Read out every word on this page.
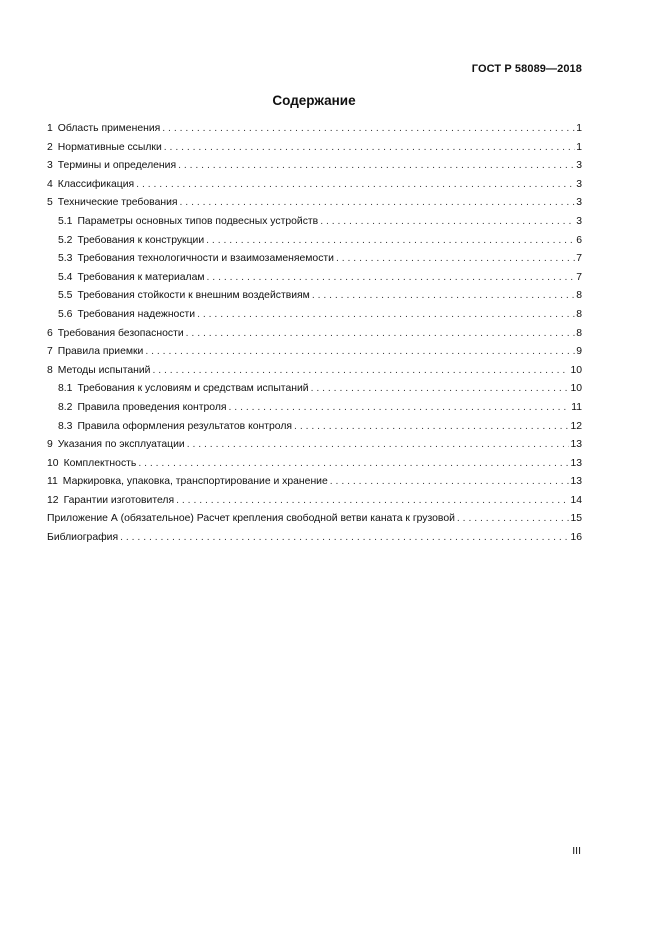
ГОСТ Р 58089—2018
Содержание
1 Область применения . . .	1
2 Нормативные ссылки . . .	1
3 Термины и определения . . .	3
4 Классификация . . .	3
5 Технические требования . . .	3
5.1 Параметры основных типов подвесных устройств . . .	3
5.2 Требования к конструкции . . .	6
5.3 Требования технологичности и взаимозаменяемости . . .	7
5.4 Требования к материалам . . .	7
5.5 Требования стойкости к внешним воздействиям . . .	8
5.6 Требования надежности . . .	8
6 Требования безопасности . . .	8
7 Правила приемки . . .	9
8 Методы испытаний . . .	10
8.1 Требования к условиям и средствам испытаний . . .	10
8.2 Правила проведения контроля . . .	11
8.3 Правила оформления результатов контроля . . .	12
9 Указания по эксплуатации . . .	13
10 Комплектность . . .	13
11 Маркировка, упаковка, транспортирование и хранение . . .	13
12 Гарантии изготовителя . . .	14
Приложение А (обязательное) Расчет крепления свободной ветви каната к грузовой . . .	15
Библиография . . .	16
III
